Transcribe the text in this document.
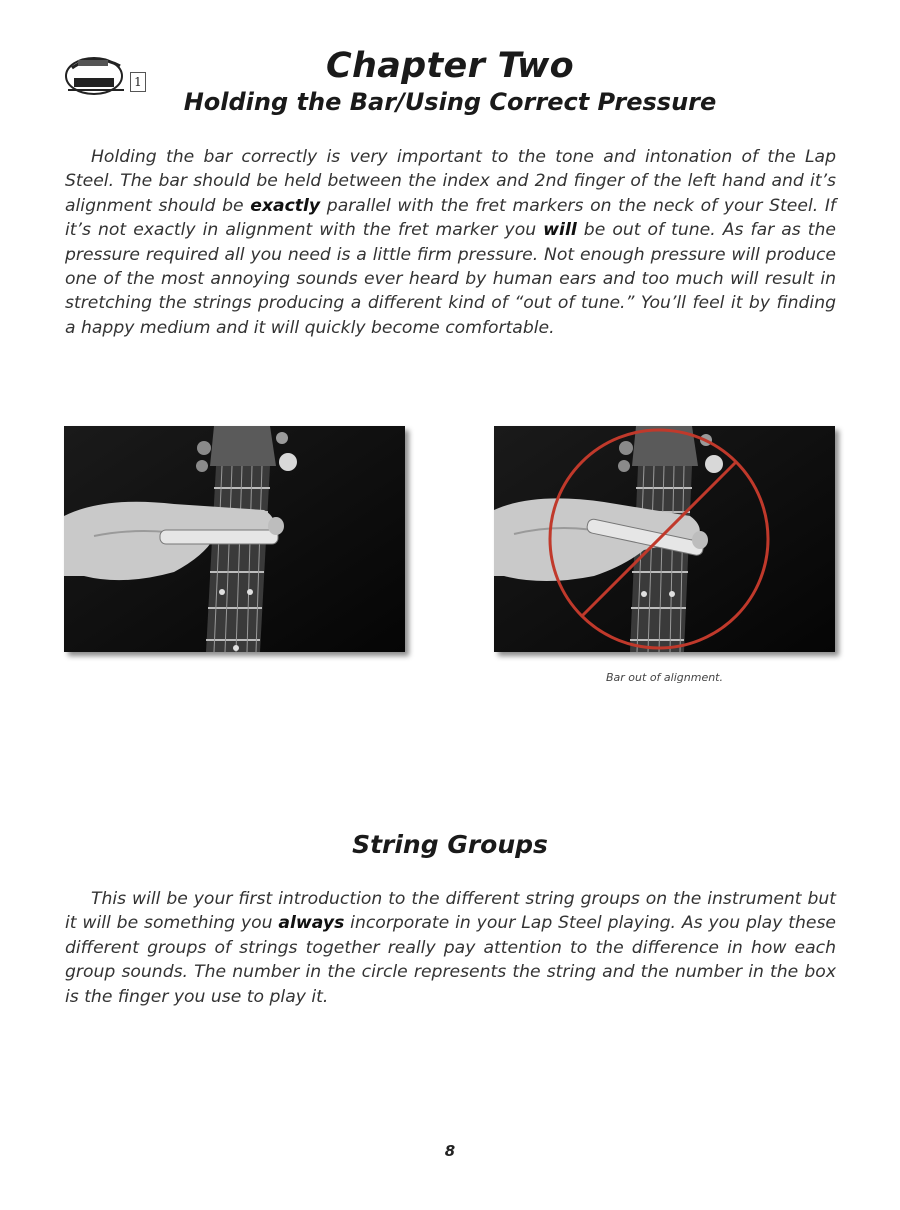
1	Chapter Two
Holding the Bar/Using Correct Pressure

Holding the bar correctly is very important to the tone and intonation of the Lap Steel. The bar should be held between the index and 2nd finger of the left hand and it’s alignment should be exactly parallel with the fret markers on the neck of your Steel. If it’s not exactly in alignment with the fret marker you will be out of tune. As far as the pressure required all you need is a little firm pressure. Not enough pressure will produce one of the most annoying sounds ever heard by human ears and too much will result in stretching the strings producing a different kind of “out of tune.” You’ll feel it by finding a happy medium and it will quickly become comfortable.

Bar out of alignment.
String Groups

This will be your first introduction to the different string groups on the instrument but it will be something you always incorporate in your Lap Steel playing. As you play these different groups of strings together really pay attention to the difference in how each group sounds. The number in the circle represents the string and the number in the box is the finger you use to play it.

8
